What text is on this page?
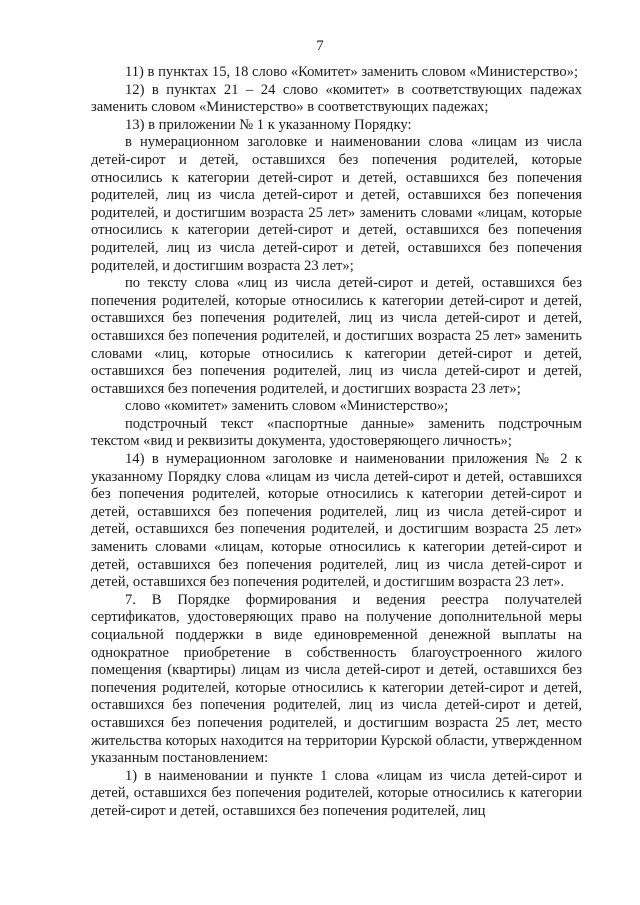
7

11) в пунктах 15, 18 слово «Комитет» заменить словом «Министерство»;

12) в пунктах 21 – 24 слово «комитет» в соответствующих падежах заменить словом «Министерство» в соответствующих падежах;

13) в приложении № 1 к указанному Порядку:

в нумерационном заголовке и наименовании слова «лицам из числа детей-сирот и детей, оставшихся без попечения родителей, которые относились к категории детей-сирот и детей, оставшихся без попечения родителей, лиц из числа детей-сирот и детей, оставшихся без попечения родителей, и достигшим возраста 25 лет» заменить словами «лицам, которые относились к категории детей-сирот и детей, оставшихся без попечения родителей, лиц из числа детей-сирот и детей, оставшихся без попечения родителей, и достигшим возраста 23 лет»;

по тексту слова «лиц из числа детей-сирот и детей, оставшихся без попечения родителей, которые относились к категории детей-сирот и детей, оставшихся без попечения родителей, лиц из числа детей-сирот и детей, оставшихся без попечения родителей, и достигших возраста 25 лет» заменить словами «лиц, которые относились к категории детей-сирот и детей, оставшихся без попечения родителей, лиц из числа детей-сирот и детей, оставшихся без попечения родителей, и достигших возраста 23 лет»;

слово «комитет» заменить словом «Министерство»;

подстрочный текст «паспортные данные» заменить подстрочным текстом «вид и реквизиты документа, удостоверяющего личность»;

14) в нумерационном заголовке и наименовании приложения № 2 к указанному Порядку слова «лицам из числа детей-сирот и детей, оставшихся без попечения родителей, которые относились к категории детей-сирот и детей, оставшихся без попечения родителей, лиц из числа детей-сирот и детей, оставшихся без попечения родителей, и достигшим возраста 25 лет» заменить словами «лицам, которые относились к категории детей-сирот и детей, оставшихся без попечения родителей, лиц из числа детей-сирот и детей, оставшихся без попечения родителей, и достигшим возраста 23 лет».

7. В Порядке формирования и ведения реестра получателей сертификатов, удостоверяющих право на получение дополнительной меры социальной поддержки в виде единовременной денежной выплаты на однократное приобретение в собственность благоустроенного жилого помещения (квартиры) лицам из числа детей-сирот и детей, оставшихся без попечения родителей, которые относились к категории детей-сирот и детей, оставшихся без попечения родителей, лиц из числа детей-сирот и детей, оставшихся без попечения родителей, и достигшим возраста 25 лет, место жительства которых находится на территории Курской области, утвержденном указанным постановлением:

1) в наименовании и пункте 1 слова «лицам из числа детей-сирот и детей, оставшихся без попечения родителей, которые относились к категории детей-сирот и детей, оставшихся без попечения родителей, лиц
